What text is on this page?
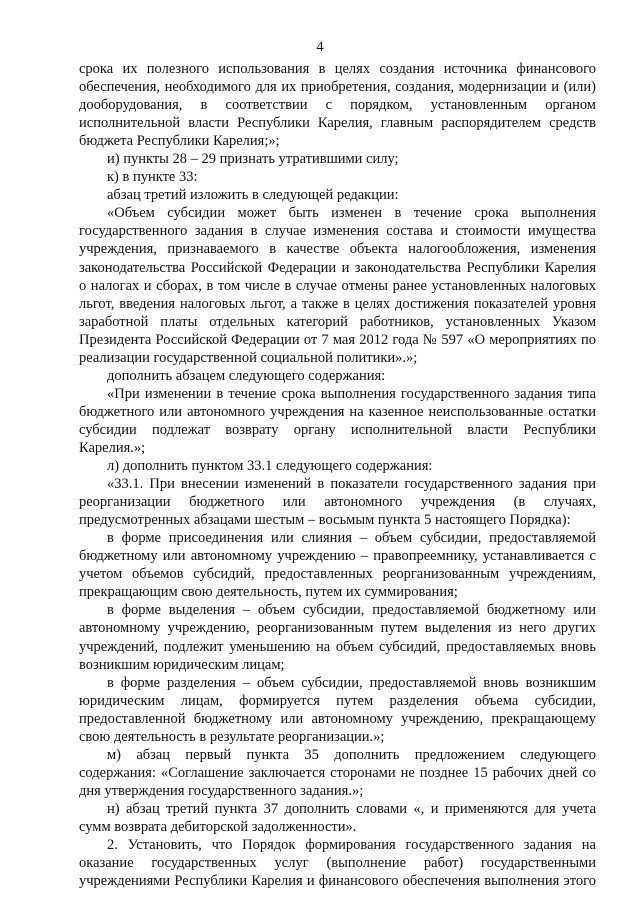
4

срока их полезного использования в целях создания источника финансового

обеспечения, необходимого для их приобретения, создания, модернизации и (или)

дооборудования, в соответствии с порядком, установленным органом

исполнительной власти Республики Карелия, главным распорядителем средств

бюджета Республики Карелия;»;

и) пункты 28 – 29 признать утратившими силу;

к) в пункте 33:

абзац третий изложить в следующей редакции:

«Объем субсидии может быть изменен в течение срока выполнения

государственного задания в случае изменения состава и стоимости имущества

учреждения, признаваемого в качестве объекта налогообложения, изменения

законодательства Российской Федерации и законодательства Республики Карелия

о налогах и сборах, в том числе в случае отмены ранее установленных налоговых

льгот, введения налоговых льгот, а также в целях достижения показателей уровня

заработной платы отдельных категорий работников, установленных Указом

Президента Российской Федерации от 7 мая 2012 года № 597 «О мероприятиях по

реализации государственной социальной политики».»;

дополнить абзацем следующего содержания:

«При изменении в течение срока выполнения государственного задания типа

бюджетного или автономного учреждения на казенное неиспользованные остатки

субсидии подлежат возврату органу исполнительной власти Республики

Карелия.»;

л) дополнить пунктом 33.1 следующего содержания:

«33.1. При внесении изменений в показатели государственного задания при

реорганизации бюджетного или автономного учреждения (в случаях,

предусмотренных абзацами шестым – восьмым пункта 5 настоящего Порядка):

в форме присоединения или слияния – объем субсидии, предоставляемой

бюджетному или автономному учреждению – правопреемнику, устанавливается с

учетом объемов субсидий, предоставленных реорганизованным учреждениям,

прекращающим свою деятельность, путем их суммирования;

в форме выделения – объем субсидии, предоставляемой бюджетному или

автономному учреждению, реорганизованным путем выделения из него других

учреждений, подлежит уменьшению на объем субсидий, предоставляемых вновь

возникшим юридическим лицам;

в форме разделения – объем субсидии, предоставляемой вновь возникшим

юридическим лицам, формируется путем разделения объема субсидии,

предоставленной бюджетному или автономному учреждению, прекращающему

свою деятельность в результате реорганизации.»;

м) абзац первый пункта 35 дополнить предложением следующего

содержания: «Соглашение заключается сторонами не позднее 15 рабочих дней со

дня утверждения государственного задания.»;

н) абзац третий пункта 37 дополнить словами «, и применяются для учета

сумм возврата дебиторской задолженности».

2. Установить, что Порядок формирования государственного задания на

оказание государственных услуг (выполнение работ) государственными

учреждениями Республики Карелия и финансового обеспечения выполнения этого
